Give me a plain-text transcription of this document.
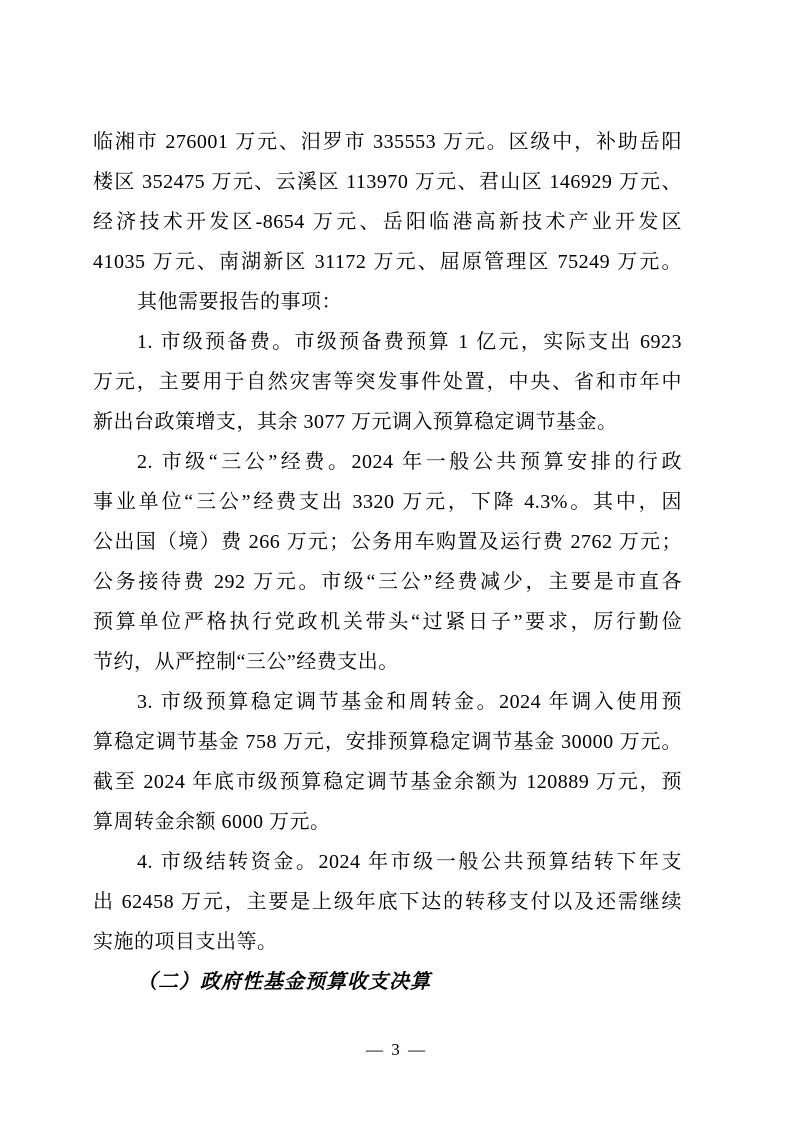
临湘市 276001 万元、汨罗市 335553 万元。区级中，补助岳阳
楼区 352475 万元、云溪区 113970 万元、君山区 146929 万元、
经济技术开发区-8654 万元、岳阳临港高新技术产业开发区
41035 万元、南湖新区 31172 万元、屈原管理区 75249 万元。
其他需要报告的事项：
1. 市级预备费。市级预备费预算 1 亿元，实际支出 6923
万元，主要用于自然灾害等突发事件处置，中央、省和市年中
新出台政策增支，其余 3077 万元调入预算稳定调节基金。
2. 市级“三公”经费。2024 年一般公共预算安排的行政
事业单位“三公”经费支出 3320 万元，下降 4.3%。其中，因
公出国（境）费 266 万元；公务用车购置及运行费 2762 万元；
公务接待费 292 万元。市级“三公”经费减少，主要是市直各
预算单位严格执行党政机关带头“过紧日子”要求，厉行勤俭
节约，从严控制“三公”经费支出。
3. 市级预算稳定调节基金和周转金。2024 年调入使用预
算稳定调节基金 758 万元，安排预算稳定调节基金 30000 万元。
截至 2024 年底市级预算稳定调节基金余额为 120889 万元，预
算周转金余额 6000 万元。
4. 市级结转资金。2024 年市级一般公共预算结转下年支
出 62458 万元，主要是上级年底下达的转移支付以及还需继续
实施的项目支出等。
（二）政府性基金预算收支决算
— 3 —
